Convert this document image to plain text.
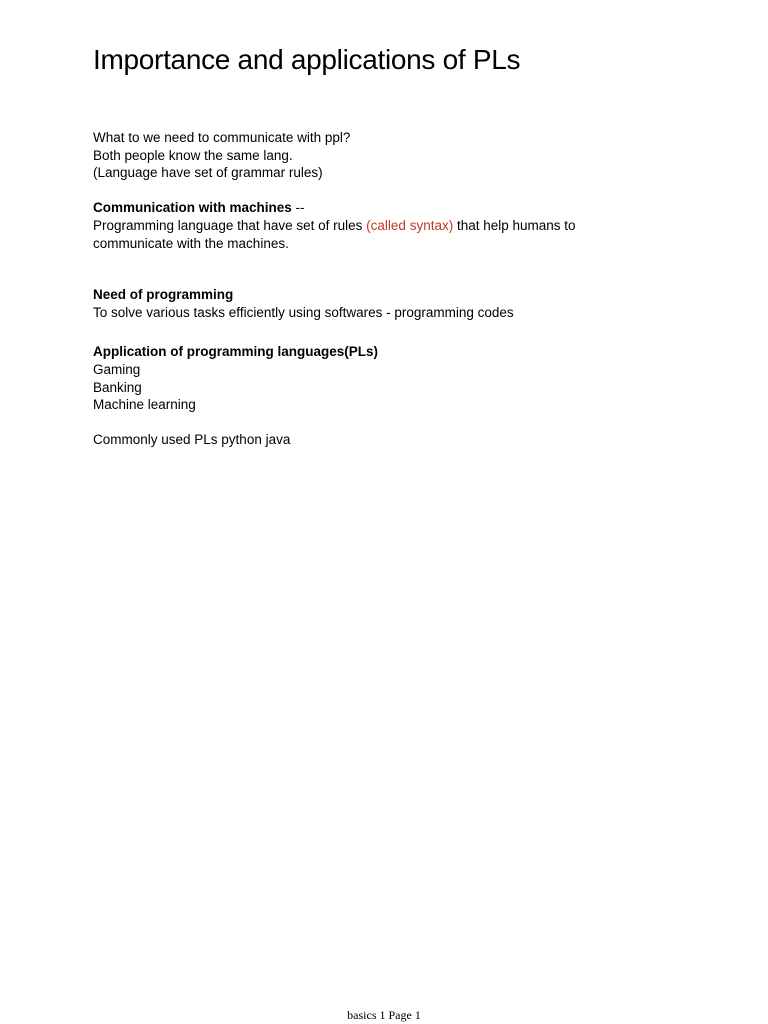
Importance and applications of PLs
What to we need to communicate with ppl?
Both people know the same lang.
(Language have set of grammar rules)
Communication with machines --
Programming language that have set of rules (called syntax) that help humans to
communicate with the machines.
Need of programming
To solve various tasks efficiently using softwares - programming codes
Application of programming languages(PLs)
Gaming
Banking
Machine learning
Commonly used PLs python java
basics 1 Page 1
